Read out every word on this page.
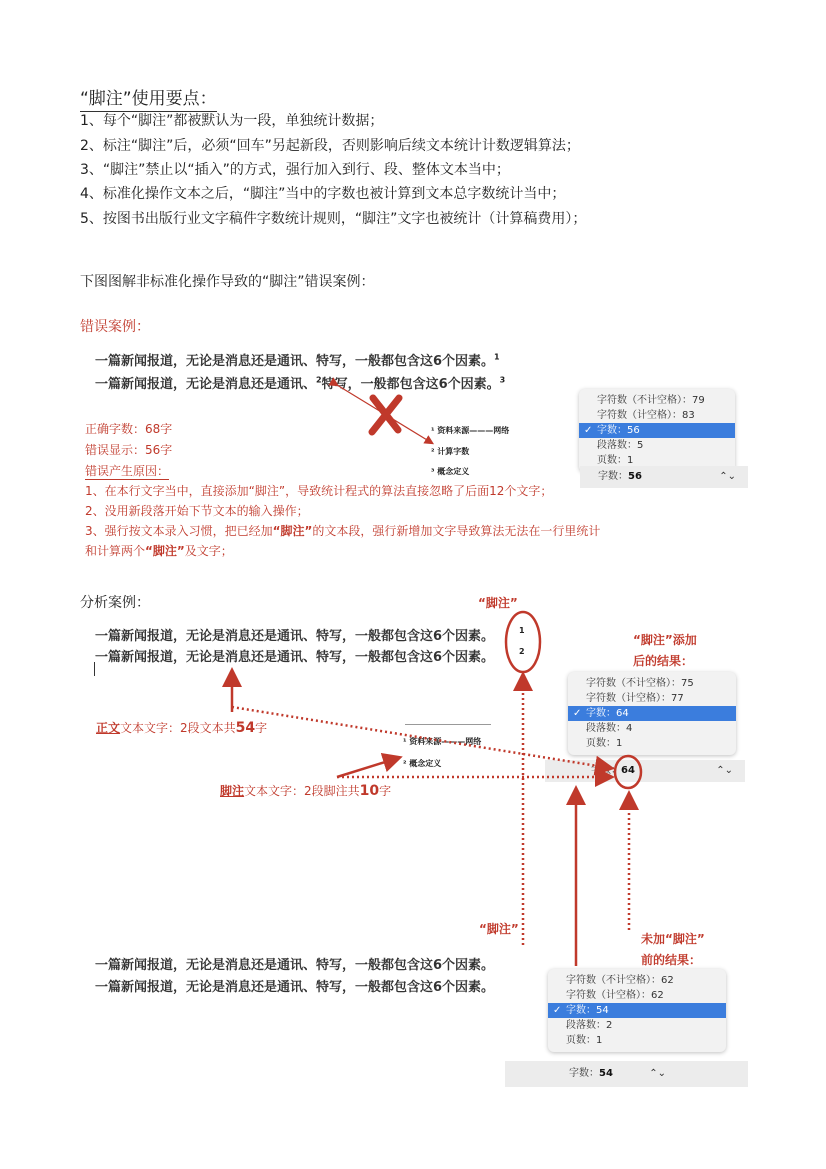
“脚注”使用要点：
1、每个“脚注”都被默认为一段，单独统计数据；
2、标注“脚注”后，必须“回车”另起新段，否则影响后续文本统计计数逻辑算法；
3、“脚注”禁止以“插入”的方式，强行加入到行、段、整体文本当中；
4、标准化操作文本之后，“脚注”当中的字数也被计算到文本总字数统计当中；
5、按图书出版行业文字稿件字数统计规则，“脚注”文字也被统计（计算稿费用）；
下图图解非标准化操作导致的“脚注”错误案例：
错误案例：
一篇新闻报道，无论是消息还是通讯、特写，一般都包含这6个因素。$^1$
一篇新闻报道，无论是消息还是通讯、$^2$特写，一般都包含这6个因素。$^3$
¹ 资料来源———网络
² 计算字数
³ 概念定义
正确字数：68字
错误显示：56字
错误产生原因：
1、在本行文字当中，直接添加“脚注”，导致统计程式的算法直接忽略了后面12个文字；
2、没用新段落开始下节文本的输入操作；
3、强行按文本录入习惯，把已经加“脚注”的文本段，强行新增加文字导致算法无法在一行里统计
和计算两个“脚注”及文字；
字符数（不计空格）：79
字符数（计空格）：83
✓ 字数：56
段落数：5
页数：1
字数：56	⌃⌄
分析案例：	“脚注”
一篇新闻报道，无论是消息还是通讯、特写，一般都包含这6个因素。
一篇新闻报道，无论是消息还是通讯、特写，一般都包含这6个因素。
1
2
“脚注”添加
后的结果：
字符数（不计空格）：75
字符数（计空格）：77
✓ 字数：64
段落数：4
页数：1
字数：64	⌃⌄
¹ 资料来源———网络
² 概念定义
正文文本文字：2段文本共54字
脚注文本文字：2段脚注共10字
“脚注”
未加“脚注”
前的结果：
一篇新闻报道，无论是消息还是通讯、特写，一般都包含这6个因素。
一篇新闻报道，无论是消息还是通讯、特写，一般都包含这6个因素。	字符数（不计空格）：62
字符数（计空格）：62
✓ 字数：54
段落数：2
页数：1
字数：54	⌃⌄
